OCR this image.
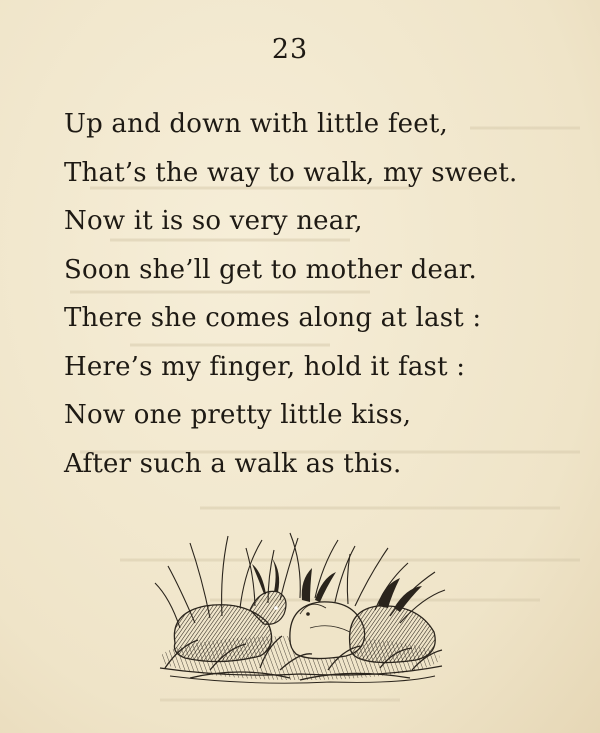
23
Up and down with little feet,
That’s the way to walk, my sweet.
Now it is so very near,
Soon she’ll get to mother dear.
There she comes along at last :
Here’s my finger, hold it fast :
Now one pretty little kiss,
After such a walk as this.
